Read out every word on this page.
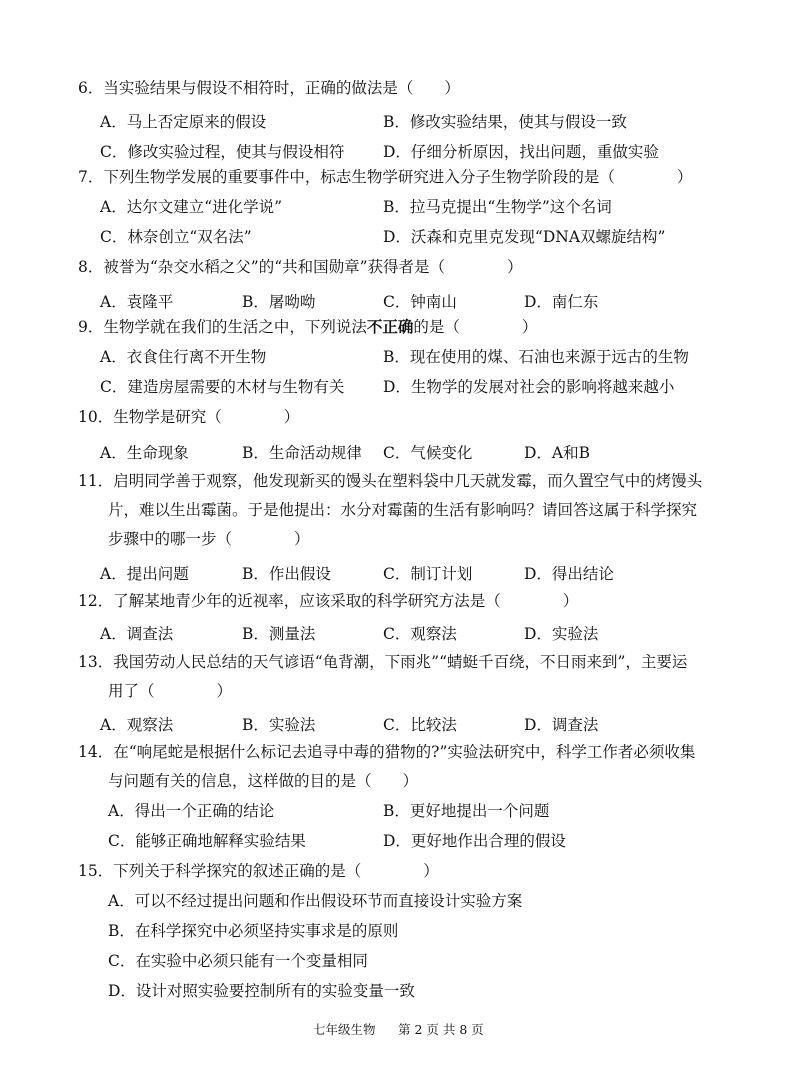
6．当实验结果与假设不相符时，正确的做法是（　　）
A．马上否定原来的假设	B．修改实验结果，使其与假设一致
C．修改实验过程，使其与假设相符 D．仔细分析原因，找出问题，重做实验
7．下列生物学发展的重要事件中，标志生物学研究进入分子生物学阶段的是（　　　　）
A．达尔文建立“进化学说”	B．拉马克提出“生物学”这个名词
C．林奈创立“双名法”	D．沃森和克里克发现“DNA双螺旋结构”
8．被誉为“杂交水稻之父”的“共和国勋章”获得者是（　　　　）
A．袁隆平	B．屠呦呦	C．钟南山	D．南仁东
9．生物学就在我们的生活之中，下列说法不正确的是（　　　　）
A．衣食住行离不开生物	B．现在使用的煤、石油也来源于远古的生物
C．建造房屋需要的木材与生物有关 D．生物学的发展对社会的影响将越来越小
10．生物学是研究（　　　　）
A．生命现象	B．生命活动规律 C．气候变化	D．A和B
11．启明同学善于观察，他发现新买的馒头在塑料袋中几天就发霉，而久置空气中的烤馒头
片，难以生出霉菌。于是他提出：水分对霉菌的生活有影响吗？请回答这属于科学探究
步骤中的哪一步（　　　　）
A．提出问题	B．作出假设	C．制订计划	D．得出结论
12．了解某地青少年的近视率，应该采取的科学研究方法是（　　　　）
A．调查法	B．测量法	C．观察法	D．实验法
13．我国劳动人民总结的天气谚语“龟背潮，下雨兆”“蜻蜓千百绕，不日雨来到”，主要运
用了（　　　　）
A．观察法	B．实验法	C．比较法	D．调查法
14．在“响尾蛇是根据什么标记去追寻中毒的猎物的?”实验法研究中，科学工作者必须收集
与问题有关的信息，这样做的目的是（　　）
A．得出一个正确的结论	B．更好地提出一个问题
C．能够正确地解释实验结果	D．更好地作出合理的假设
15．下列关于科学探究的叙述正确的是（　　　　）
A．可以不经过提出问题和作出假设环节而直接设计实验方案
B．在科学探究中必须坚持实事求是的原则
C．在实验中必须只能有一个变量相同
D．设计对照实验要控制所有的实验变量一致
七年级生物 第 2 页 共 8 页
